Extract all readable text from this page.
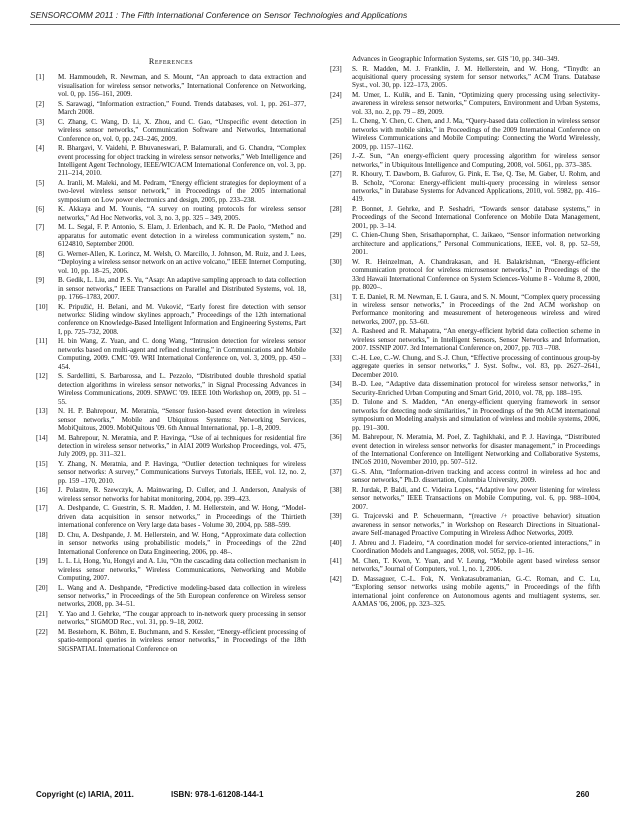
SENSORCOMM 2011 : The Fifth International Conference on Sensor Technologies and Applications
References
[1]	M. Hammoudeh, R. Newman, and S. Mount, “An approach to data extraction and visualisation for wireless sensor networks,” International Conference on Networking, vol. 0, pp. 156–161, 2009.
[2]	S. Sarawagi, “Information extraction,” Found. Trends databases, vol. 1, pp. 261–377, March 2008.
[3]	C. Zhang, C. Wang, D. Li, X. Zhou, and C. Gao, “Unspecific event detection in wireless sensor networks,” Communication Software and Networks, International Conference on, vol. 0, pp. 243–246, 2009.
[4]	R. Bhargavi, V. Vaidehi, P. Bhuvaneswari, P. Balamurali, and G. Chandra, “Complex event processing for object tracking in wireless sensor networks,” Web Intelligence and Intelligent Agent Technology, IEEE/WIC/ACM International Conference on, vol. 3, pp. 211–214, 2010.
[5]	A. Iranli, M. Maleki, and M. Pedram, “Energy efficient strategies for deployment of a two-level wireless sensor network,” in Proceedings of the 2005 international symposium on Low power electronics and design, 2005, pp. 233–238.
[6]	K. Akkaya and M. Younis, “A survey on routing protocols for wireless sensor networks,” Ad Hoc Networks, vol. 3, no. 3, pp. 325 – 349, 2005.
[7]	M. L. Segal, F. P. Antonio, S. Elam, J. Erlenbach, and K. R. De Paolo, “Method and apparatus for automatic event detection in a wireless communication system,” no. 6124810, September 2000.
[8]	G. Werner-Allen, K. Lorincz, M. Welsh, O. Marcillo, J. Johnson, M. Ruiz, and J. Lees, “Deploying a wireless sensor network on an active volcano,” IEEE Internet Computing, vol. 10, pp. 18–25, 2006.
[9]	B. Gedik, L. Liu, and P. S. Yu, “Asap: An adaptive sampling approach to data collection in sensor networks,” IEEE Transactions on Parallel and Distributed Systems, vol. 18, pp. 1766–1783, 2007.
[10]	K. Pripužić, H. Belani, and M. Vuković, “Early forest fire detection with sensor networks: Sliding window skylines approach,” Proceedings of the 12th international conference on Knowledge-Based Intelligent Information and Engineering Systems, Part I, pp. 725–732, 2008.
[11]	H. bin Wang, Z. Yuan, and C. dong Wang, “Intrusion detection for wireless sensor networks based on multi-agent and refined clustering,” in Communications and Mobile Computing, 2009. CMC '09. WRI International Conference on, vol. 3, 2009, pp. 450 –454.
[12]	S. Sardellitti, S. Barbarossa, and L. Pezzolo, “Distributed double threshold spatial detection algorithms in wireless sensor networks,” in Signal Processing Advances in Wireless Communications, 2009. SPAWC '09. IEEE 10th Workshop on, 2009, pp. 51 –55.
[13]	N. H. P. Bahrepour, M. Meratnia, “Sensor fusion-based event detection in wireless sensor networks,” Mobile and Ubiquitous Systems: Networking Services, MobiQuitous, 2009. MobiQuitous '09. 6th Annual International, pp. 1–8, 2009.
[14]	M. Bahrepour, N. Meratnia, and P. Havinga, “Use of ai techniques for residential fire detection in wireless sensor networks,” in AIAI 2009 Workshop Proceedings, vol. 475, July 2009, pp. 311–321.
[15]	Y. Zhang, N. Meratnia, and P. Havinga, “Outlier detection techniques for wireless sensor networks: A survey,” Communications Surveys Tutorials, IEEE, vol. 12, no. 2, pp. 159 –170, 2010.
[16]	J. Polastre, R. Szewczyk, A. Mainwaring, D. Culler, and J. Anderson, Analysis of wireless sensor networks for habitat monitoring, 2004, pp. 399–423.
[17]	A. Deshpande, C. Guestrin, S. R. Madden, J. M. Hellerstein, and W. Hong, “Model-driven data acquisition in sensor networks,” in Proceedings of the Thirtieth international conference on Very large data bases - Volume 30, 2004, pp. 588–599.
[18]	D. Chu, A. Deshpande, J. M. Hellerstein, and W. Hong, “Approximate data collection in sensor networks using probabilistic models,” in Proceedings of the 22nd International Conference on Data Engineering, 2006, pp. 48–.
[19]	L. L. Li, Hong, Yu, Hongyi and A. Liu, “On the cascading data collection mechanism in wireless sensor networks,” Wireless Communications, Networking and Mobile Computing, 2007.
[20]	L. Wang and A. Deshpande, “Predictive modeling-based data collection in wireless sensor networks,” in Proceedings of the 5th European conference on Wireless sensor networks, 2008, pp. 34–51.
[21]	Y. Yao and J. Gehrke, “The cougar approach to in-network query processing in sensor networks,” SIGMOD Rec., vol. 31, pp. 9–18, 2002.
[22]	M. Bestehorn, K. Böhm, E. Buchmann, and S. Kessler, “Energy-efficient processing of spatio-temporal queries in wireless sensor networks,” in Proceedings of the 18th SIGSPATIAL International Conference on
Advances in Geographic Information Systems, ser. GIS '10, pp. 340–349.
[23]	S. R. Madden, M. J. Franklin, J. M. Hellerstein, and W. Hong, “Tinydb: an acquisitional query processing system for sensor networks,” ACM Trans. Database Syst., vol. 30, pp. 122–173, 2005.
[24]	M. Umer, L. Kulik, and E. Tanin, “Optimizing query processing using selectivity-awareness in wireless sensor networks,” Computers, Environment and Urban Systems, vol. 33, no. 2, pp. 79 – 89, 2009.
[25]	L. Cheng, Y. Chen, C. Chen, and J. Ma, “Query-based data collection in wireless sensor networks with mobile sinks,” in Proceedings of the 2009 International Conference on Wireless Communications and Mobile Computing: Connecting the World Wirelessly, 2009, pp. 1157–1162.
[26]	J.-Z. Sun, “An energy-efficient query processing algorithm for wireless sensor networks,” in Ubiquitous Intelligence and Computing, 2008, vol. 5061, pp. 373–385.
[27]	R. Khoury, T. Dawborn, B. Gafurov, G. Pink, E. Tse, Q. Tse, M. Gaber, U. Rohm, and B. Scholz, “Corona: Energy-efficient multi-query processing in wireless sensor networks,” in Database Systems for Advanced Applications, 2010, vol. 5982, pp. 416–419.
[28]	P. Bonnet, J. Gehrke, and P. Seshadri, “Towards sensor database systems,” in Proceedings of the Second International Conference on Mobile Data Management, 2001, pp. 3–14.
[29]	C. Chien-Chung Shen, Srisathapornphat, C. Jaikaeo, “Sensor information networking architecture and applications,” Personal Communications, IEEE, vol. 8, pp. 52–59, 2001.
[30]	W. R. Heinzelman, A. Chandrakasan, and H. Balakrishnan, “Energy-efficient communication protocol for wireless microsensor networks,” in Proceedings of the 33rd Hawaii International Conference on System Sciences-Volume 8 - Volume 8, 2000, pp. 8020–.
[31]	T. E. Daniel, R. M. Newman, E. I. Gaura, and S. N. Mount, “Complex query processing in wireless sensor networks,” in Proceedings of the 2nd ACM workshop on Performance monitoring and measurement of heterogeneous wireless and wired networks, 2007, pp. 53–60.
[32]	A. Rasheed and R. Mahapatra, “An energy-efficient hybrid data collection scheme in wireless sensor networks,” in Intelligent Sensors, Sensor Networks and Information, 2007. ISSNIP 2007. 3rd International Conference on, 2007, pp. 703 –708.
[33]	C.-H. Lee, C.-W. Chung, and S.-J. Chun, “Effective processing of continuous group-by aggregate queries in sensor networks,” J. Syst. Softw., vol. 83, pp. 2627–2641, December 2010.
[34]	B.-D. Lee, “Adaptive data dissemination protocol for wireless sensor networks,” in Security-Enriched Urban Computing and Smart Grid, 2010, vol. 78, pp. 188–195.
[35]	D. Tulone and S. Madden, “An energy-efficient querying framework in sensor networks for detecting node similarities,” in Proceedings of the 9th ACM international symposium on Modeling analysis and simulation of wireless and mobile systems, 2006, pp. 191–300.
[36]	M. Bahrepour, N. Meratnia, M. Poel, Z. Taghikhaki, and P. J. Havinga, “Distributed event detection in wireless sensor networks for disaster management,” in Proceedings of the International Conference on Intelligent Networking and Collaborative Systems, INCoS 2010, November 2010, pp. 507–512.
[37]	G.-S. Ahn, “Information-driven tracking and access control in wireless ad hoc and sensor networks,” Ph.D. dissertation, Columbia University, 2009.
[38]	R. Jurdak, P. Baldi, and C. Videira Lopes, “Adaptive low power listening for wireless sensor networks,” IEEE Transactions on Mobile Computing, vol. 6, pp. 988–1004, 2007.
[39]	G. Trajcevski and P. Scheuermann, “(reactive /+ proactive behavior) situation awareness in sensor networks,” in Workshop on Research Directions in Situational-aware Self-managed Proactive Computing in Wireless Adhoc Networks, 2009.
[40]	J. Abreu and J. Fiadeiro, “A coordination model for service-oriented interactions,” in Coordination Models and Languages, 2008, vol. 5052, pp. 1–16.
[41]	M. Chen, T. Kwon, Y. Yuan, and V. Leung, “Mobile agent based wireless sensor networks,” Journal of Computers, vol. 1, no. 1, 2006.
[42]	D. Massaguer, C.-L. Fok, N. Venkatasubramanian, G.-C. Roman, and C. Lu, “Exploring sensor networks using mobile agents,” in Proceedings of the fifth international joint conference on Autonomous agents and multiagent systems, ser. AAMAS '06, 2006, pp. 323–325.
Copyright (c) IARIA, 2011.	ISBN: 978-1-61208-144-1	260
